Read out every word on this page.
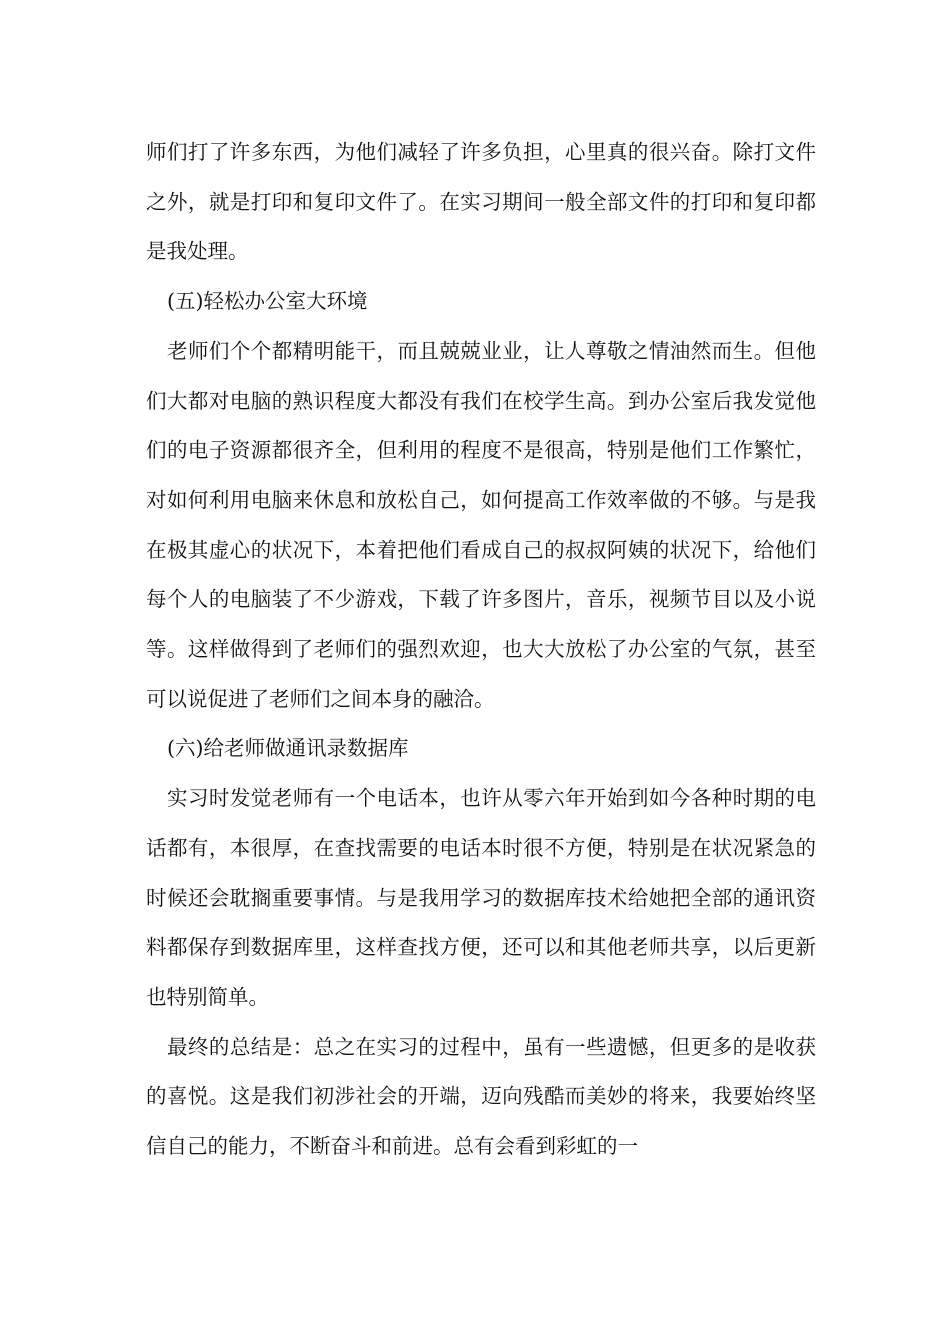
师们打了许多东西，为他们减轻了许多负担，心里真的很兴奋。除打文件之外，就是打印和复印文件了。在实习期间一般全部文件的打印和复印都是我处理。

(五)轻松办公室大环境

老师们个个都精明能干，而且兢兢业业，让人尊敬之情油然而生。但他们大都对电脑的熟识程度大都没有我们在校学生高。到办公室后我发觉他们的电子资源都很齐全，但利用的程度不是很高，特别是他们工作繁忙，对如何利用电脑来休息和放松自己，如何提高工作效率做的不够。与是我在极其虚心的状况下，本着把他们看成自己的叔叔阿姨的状况下，给他们每个人的电脑装了不少游戏，下载了许多图片，音乐，视频节目以及小说等。这样做得到了老师们的强烈欢迎，也大大放松了办公室的气氛，甚至可以说促进了老师们之间本身的融洽。

(六)给老师做通讯录数据库

实习时发觉老师有一个电话本，也许从零六年开始到如今各种时期的电话都有，本很厚，在查找需要的电话本时很不方便，特别是在状况紧急的时候还会耽搁重要事情。与是我用学习的数据库技术给她把全部的通讯资料都保存到数据库里，这样查找方便，还可以和其他老师共享，以后更新也特别简单。

最终的总结是：总之在实习的过程中，虽有一些遗憾，但更多的是收获的喜悦。这是我们初涉社会的开端，迈向残酷而美妙的将来，我要始终坚信自己的能力，不断奋斗和前进。总有会看到彩虹的一
